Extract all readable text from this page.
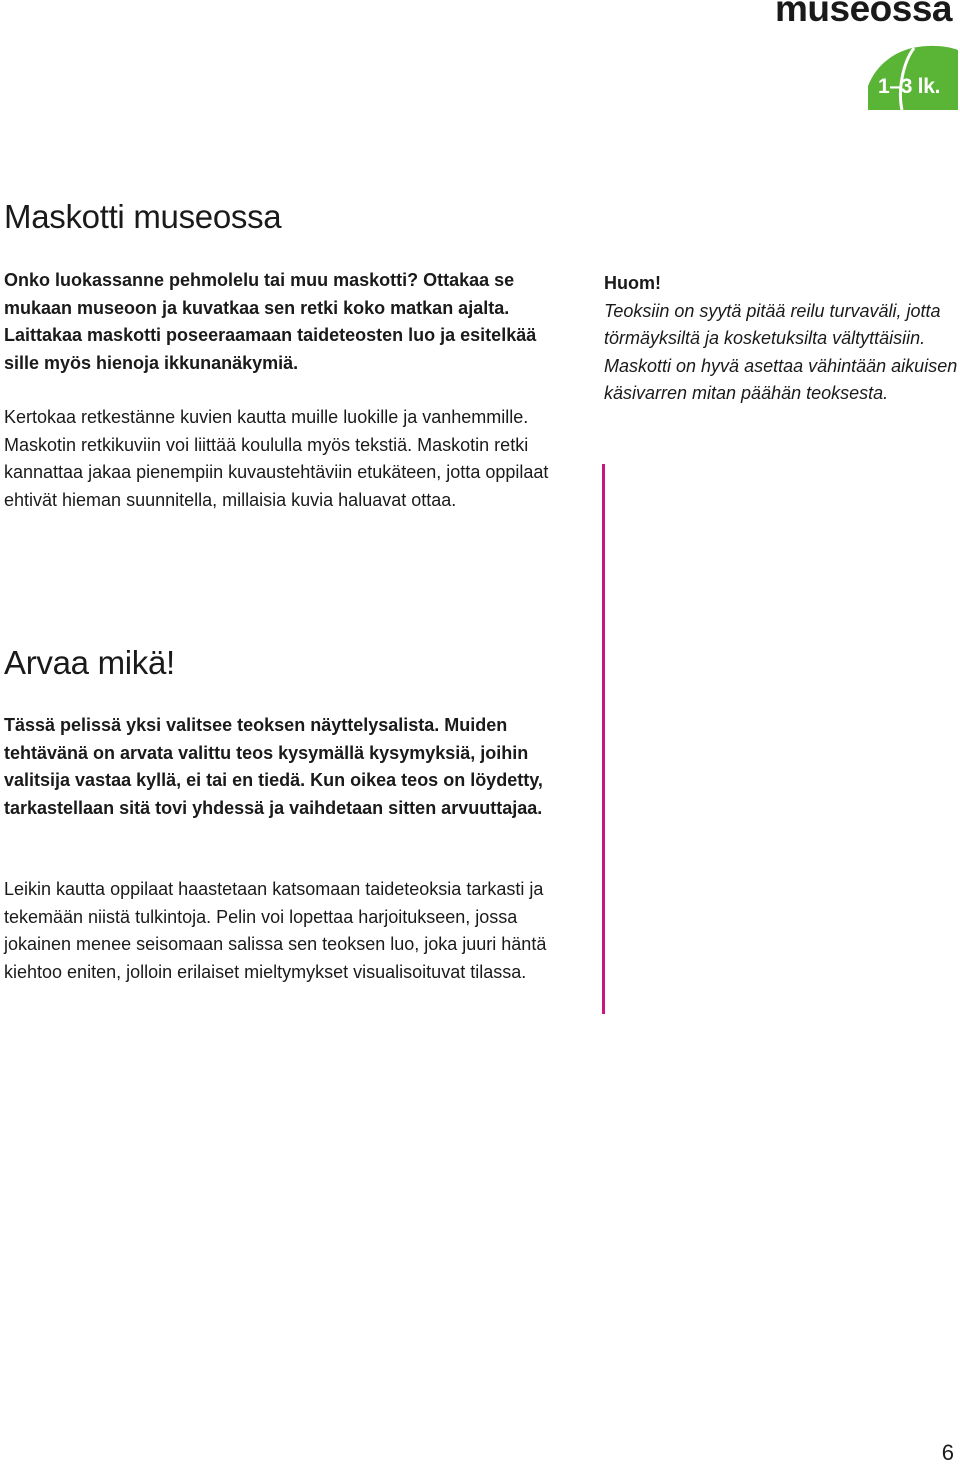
museossa
1–3 lk.
Maskotti museossa

Onko luokassanne pehmolelu tai muu maskotti? Ottakaa se mukaan museoon ja kuvatkaa sen retki koko matkan ajalta. Laittakaa maskotti poseeraamaan taideteosten luo ja esitelkää sille myös hienoja ikkunanäkymiä.

Kertokaa retkestänne kuvien kautta muille luokille ja vanhemmille. Maskotin retkikuviin voi liittää koululla myös tekstiä. Maskotin retki kannattaa jakaa pienempiin kuvaustehtäviin etukäteen, jotta oppilaat ehtivät hieman suunnitella, millaisia kuvia haluavat ottaa.

Huom!

Teoksiin on syytä pitää reilu turvaväli, jotta törmäyksiltä ja kosketuksilta vältyttäisiin. Maskotti on hyvä asettaa vähintään aikuisen käsivarren mitan päähän teoksesta.

Arvaa mikä!

Tässä pelissä yksi valitsee teoksen näyttelysalista. Muiden tehtävänä on arvata valittu teos kysymällä kysymyksiä, joihin valitsija vastaa kyllä, ei tai en tiedä. Kun oikea teos on löydetty, tarkastellaan sitä tovi yhdessä ja vaihdetaan sitten arvuuttajaa.

Leikin kautta oppilaat haastetaan katsomaan taideteoksia tarkasti ja tekemään niistä tulkintoja. Pelin voi lopettaa harjoitukseen, jossa jokainen menee seisomaan salissa sen teoksen luo, joka juuri häntä kiehtoo eniten, jolloin erilaiset mieltymykset visualisoituvat tilassa.

6
